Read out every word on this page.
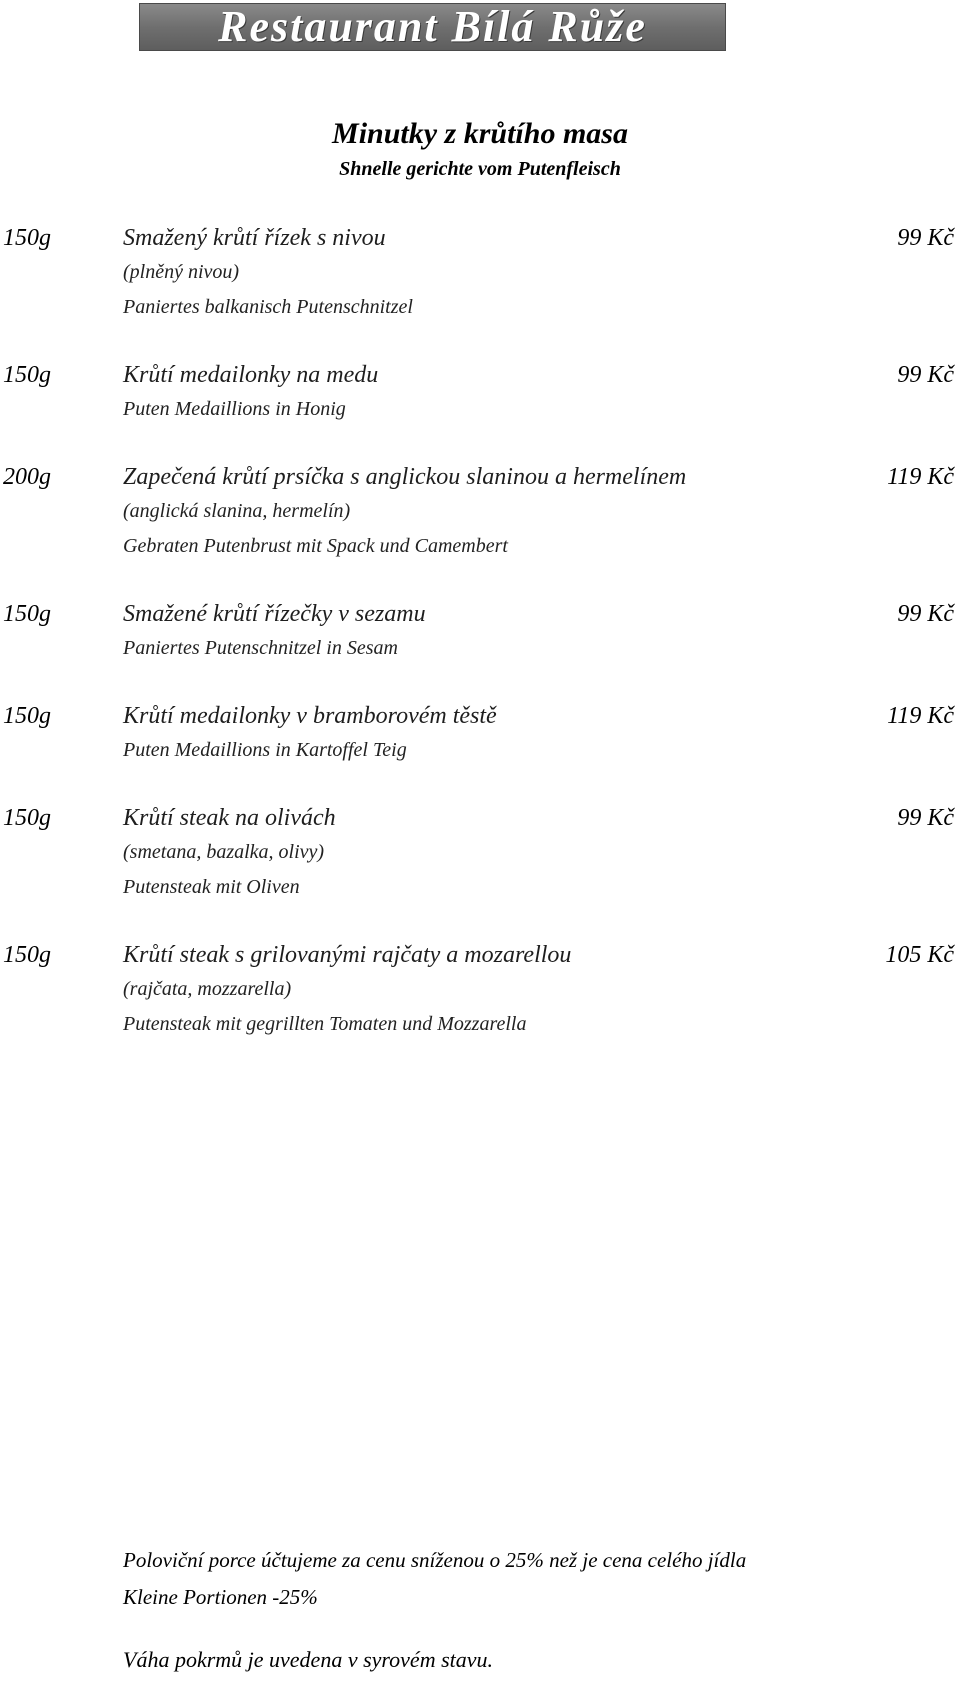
Restaurant Bílá Růže
Minutky z krůtího masa
Shnelle gerichte vom Putenfleisch
150g	Smažený krůtí řízek s nivou
(plněný nivou)
Paniertes balkanisch Putenschnitzel
99 Kč
150g	Krůtí medailonky na medu
Puten Medaillions in Honig
99 Kč
200g	Zapečená krůtí prsíčka s anglickou slaninou a hermelínem
(anglická slanina, hermelín)
Gebraten Putenbrust mit Spack und Camembert
119 Kč
150g	Smažené krůtí řízečky v sezamu
Paniertes Putenschnitzel in Sesam
99 Kč
150g	Krůtí medailonky v bramborovém těstě
Puten Medaillions in Kartoffel Teig
119 Kč
150g	Krůtí steak na olivách
(smetana, bazalka, olivy)
Putensteak mit Oliven
99 Kč
150g	Krůtí steak s grilovanými rajčaty a mozarellou
(rajčata, mozzarella)
Putensteak mit gegrillten Tomaten und Mozzarella
105 Kč
Poloviční porce účtujeme za cenu sníženou o 25% než je cena celého jídla
Kleine Portionen -25%
Váha pokrmů je uvedena v syrovém stavu.
